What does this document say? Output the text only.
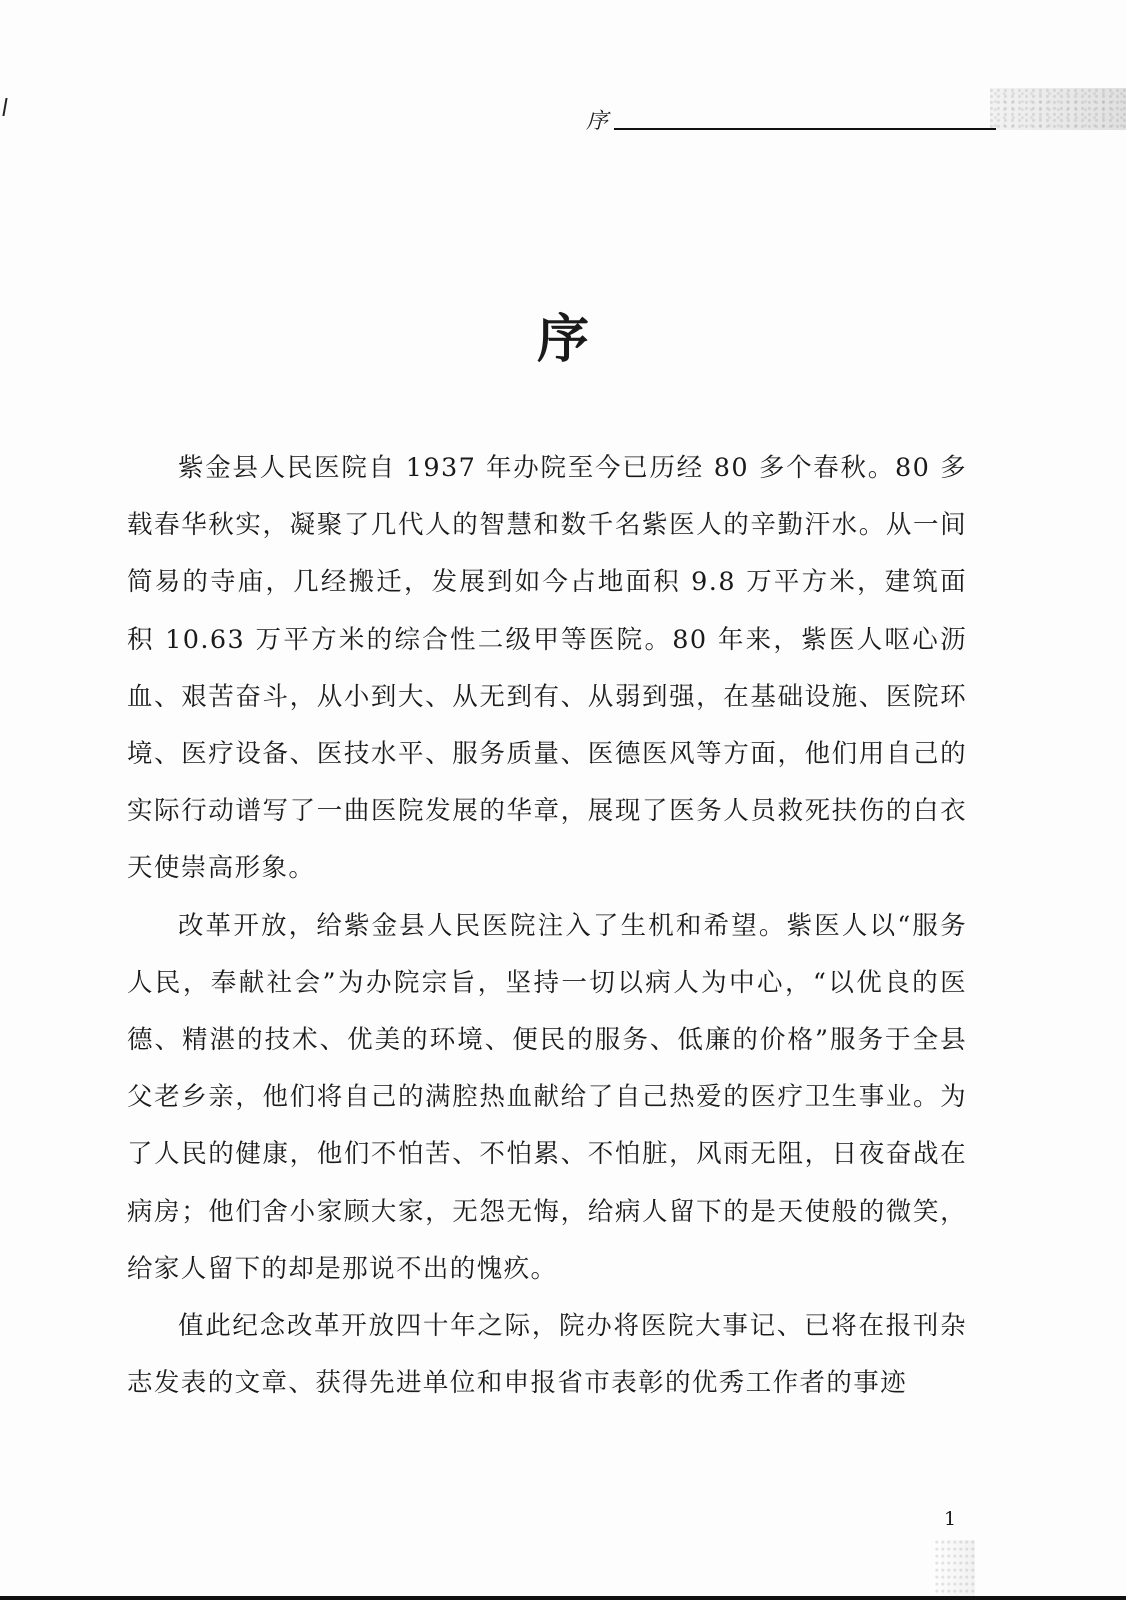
序
序

紫金县人民医院自 1937 年办院至今已历经 80 多个春秋。80 多载春华秋实，凝聚了几代人的智慧和数千名紫医人的辛勤汗水。从一间简易的寺庙，几经搬迁，发展到如今占地面积 9.8 万平方米，建筑面积 10.63 万平方米的综合性二级甲等医院。80 年来，紫医人呕心沥血、艰苦奋斗，从小到大、从无到有、从弱到强，在基础设施、医院环境、医疗设备、医技水平、服务质量、医德医风等方面，他们用自己的实际行动谱写了一曲医院发展的华章，展现了医务人员救死扶伤的白衣天使崇高形象。

改革开放，给紫金县人民医院注入了生机和希望。紫医人以“服务人民，奉献社会”为办院宗旨，坚持一切以病人为中心，“以优良的医德、精湛的技术、优美的环境、便民的服务、低廉的价格”服务于全县父老乡亲，他们将自己的满腔热血献给了自己热爱的医疗卫生事业。为了人民的健康，他们不怕苦、不怕累、不怕脏，风雨无阻，日夜奋战在病房；他们舍小家顾大家，无怨无悔，给病人留下的是天使般的微笑，给家人留下的却是那说不出的愧疚。

值此纪念改革开放四十年之际，院办将医院大事记、已将在报刊杂志发表的文章、获得先进单位和申报省市表彰的优秀工作者的事迹

1
